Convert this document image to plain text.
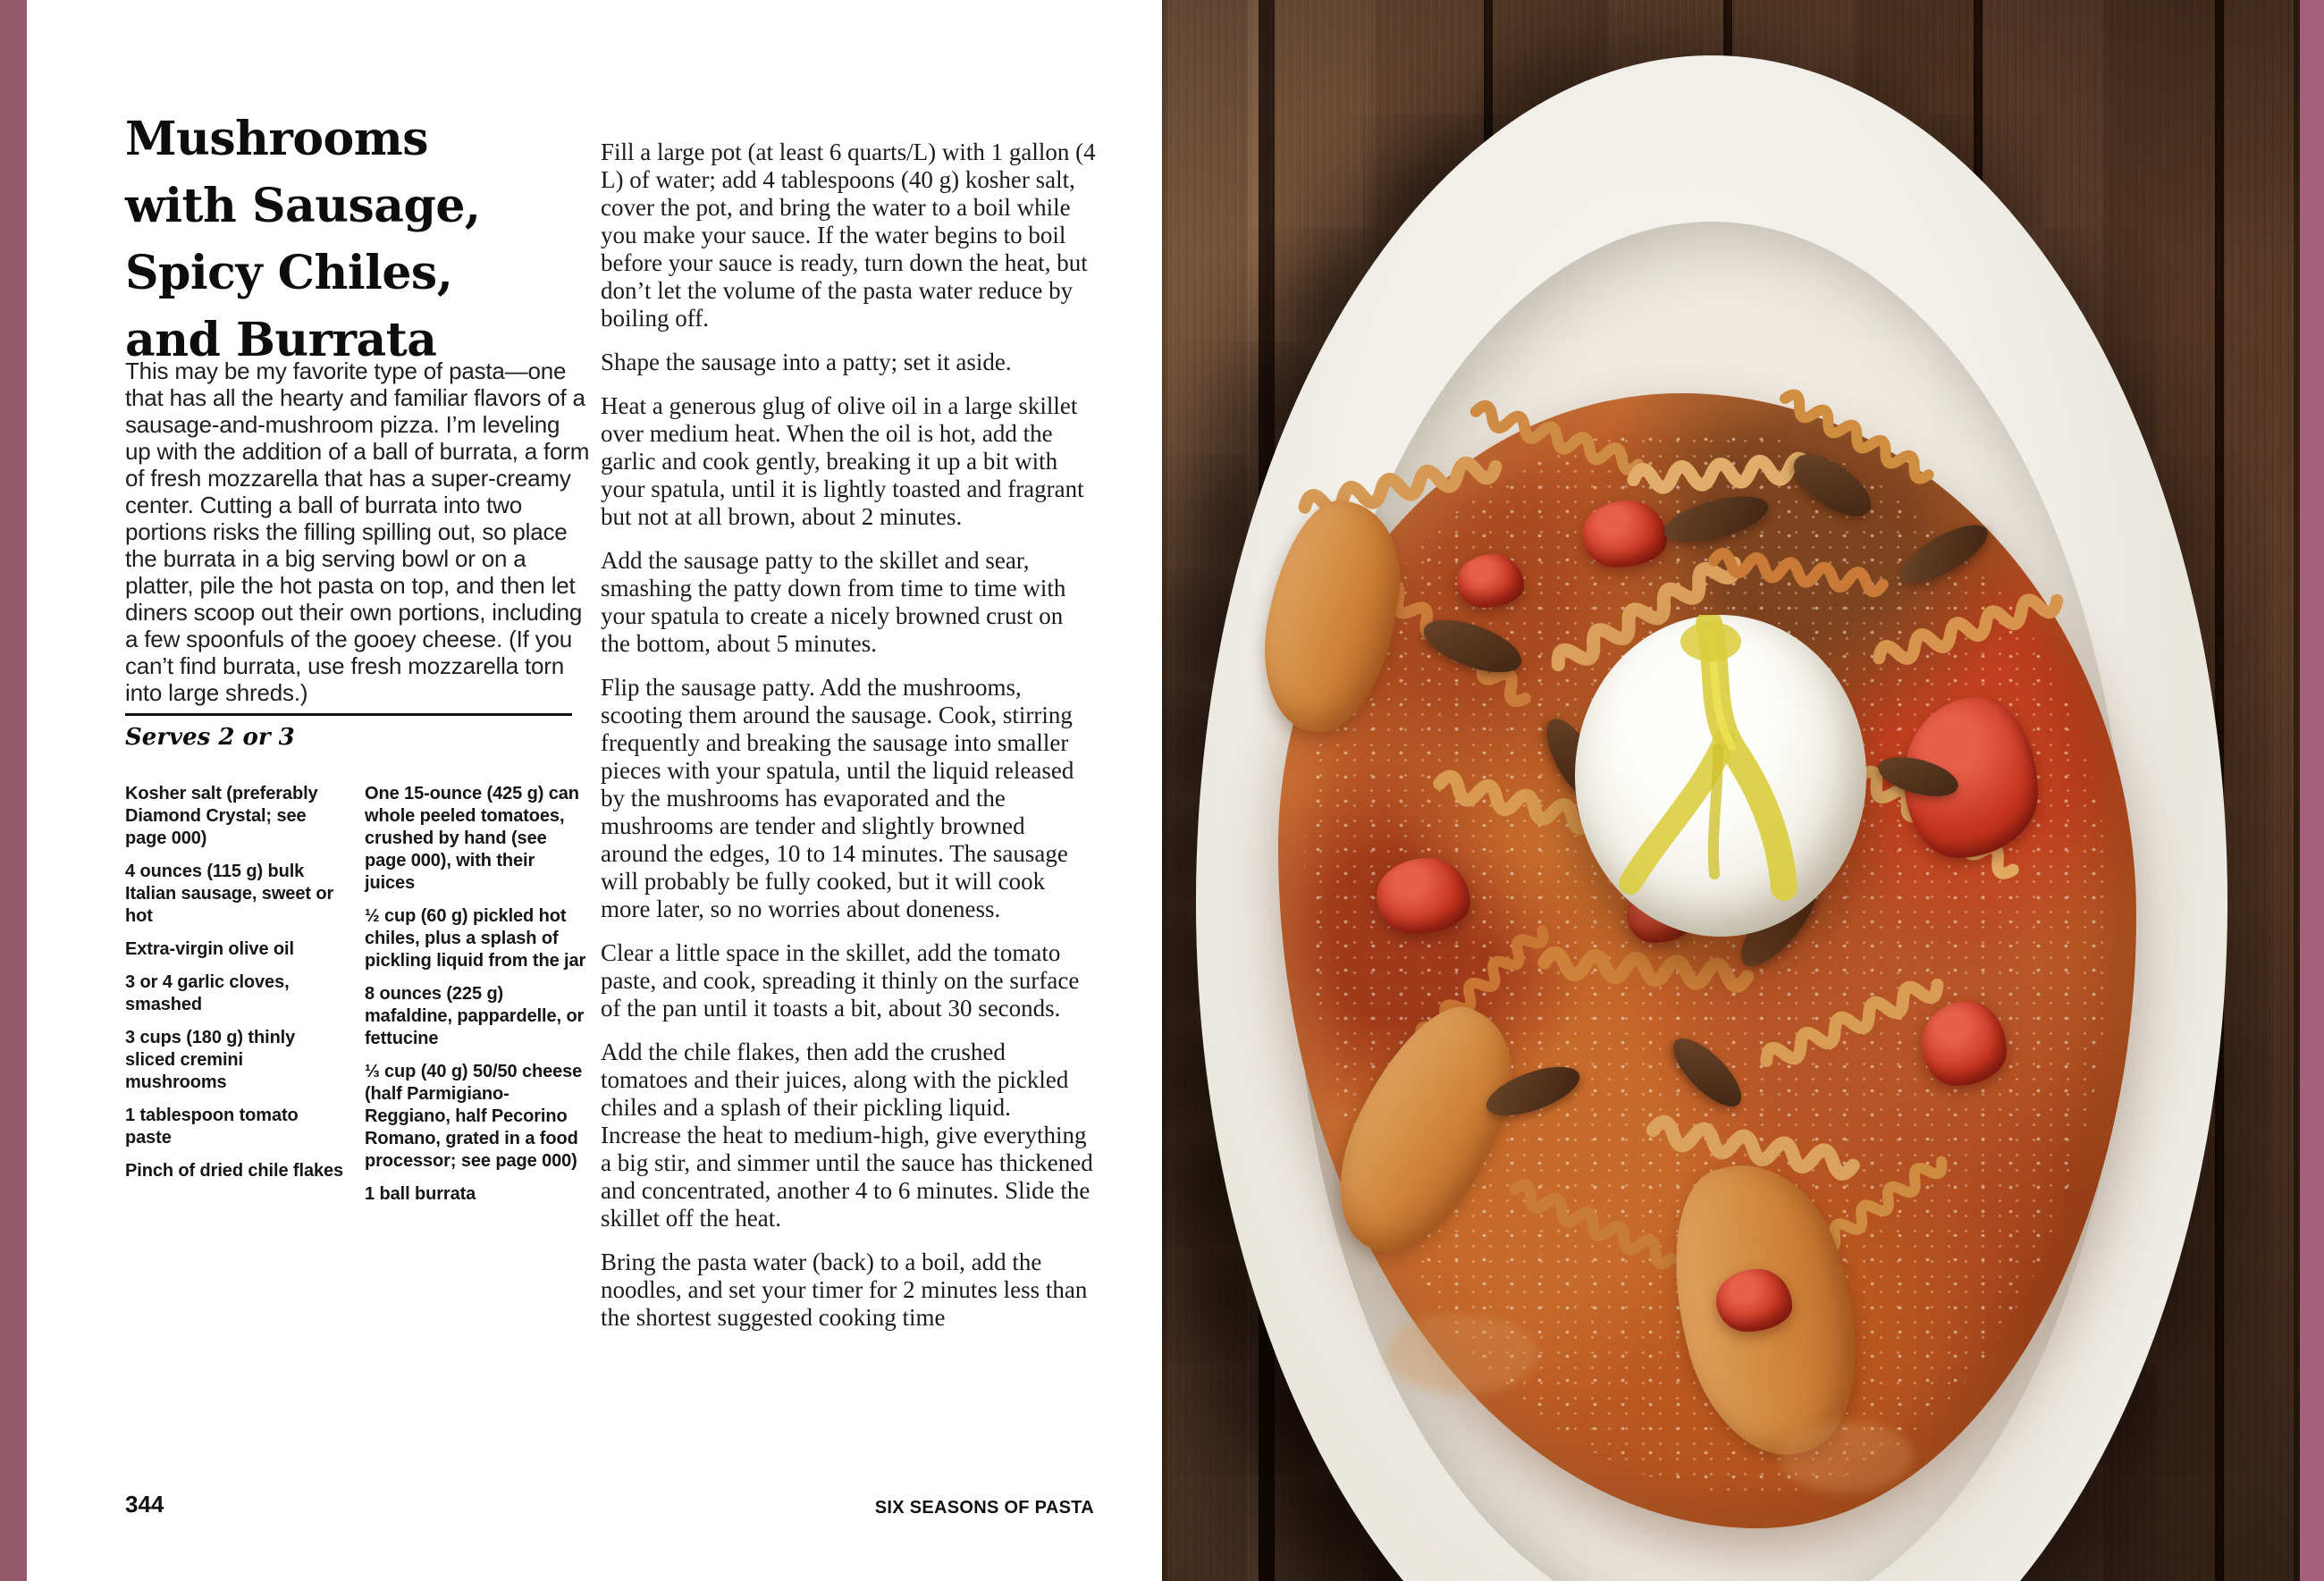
Mushrooms
with Sausage,
Spicy Chiles,
and Burrata

This may be my favorite type of pasta—one that has all the hearty and familiar flavors of a sausage-and-mushroom pizza. I’m leveling up with the addition of a ball of burrata, a form of fresh mozzarella that has a super-creamy center. Cutting a ball of burrata into two portions risks the filling spilling out, so place the burrata in a big serving bowl or on a platter, pile the hot pasta on top, and then let diners scoop out their own portions, including a few spoonfuls of the gooey cheese. (If you can’t find burrata, use fresh mozzarella torn into large shreds.)

Serves 2 or 3

Kosher salt (preferably Diamond Crystal; see page 000)

4 ounces (115 g) bulk Italian sausage, sweet or hot

Extra-virgin olive oil

3 or 4 garlic cloves, smashed

3 cups (180 g) thinly sliced cremini mushrooms

1 tablespoon tomato paste

Pinch of dried chile flakes

One 15-ounce (425 g) can whole peeled tomatoes, crushed by hand (see page 000), with their juices

½ cup (60 g) pickled hot chiles, plus a splash of pickling liquid from the jar

8 ounces (225 g) mafaldine, pappardelle, or fettucine

⅓ cup (40 g) 50/50 cheese (half Parmigiano-Reggiano, half Pecorino Romano, grated in a food processor; see page 000)

1 ball burrata

Fill a large pot (at least 6 quarts/L) with 1 gallon (4 L) of water; add 4 tablespoons (40 g) kosher salt, cover the pot, and bring the water to a boil while you make your sauce. If the water begins to boil before your sauce is ready, turn down the heat, but don’t let the volume of the pasta water reduce by boiling off.

Shape the sausage into a patty; set it aside.

Heat a generous glug of olive oil in a large skillet over medium heat. When the oil is hot, add the garlic and cook gently, breaking it up a bit with your spatula, until it is lightly toasted and fragrant but not at all brown, about 2 minutes.

Add the sausage patty to the skillet and sear, smashing the patty down from time to time with your spatula to create a nicely browned crust on the bottom, about 5 minutes.

Flip the sausage patty. Add the mushrooms, scooting them around the sausage. Cook, stirring frequently and breaking the sausage into smaller pieces with your spatula, until the liquid released by the mushrooms has evaporated and the mushrooms are tender and slightly browned around the edges, 10 to 14 minutes. The sausage will probably be fully cooked, but it will cook more later, so no worries about doneness.

Clear a little space in the skillet, add the tomato paste, and cook, spreading it thinly on the surface of the pan until it toasts a bit, about 30 seconds.

Add the chile flakes, then add the crushed tomatoes and their juices, along with the pickled chiles and a splash of their pickling liquid. Increase the heat to medium-high, give everything a big stir, and simmer until the sauce has thickened and concentrated, another 4 to 6 minutes. Slide the skillet off the heat.

Bring the pasta water (back) to a boil, add the noodles, and set your timer for 2 minutes less than the shortest suggested cooking time

344	SIX SEASONS OF PASTA
